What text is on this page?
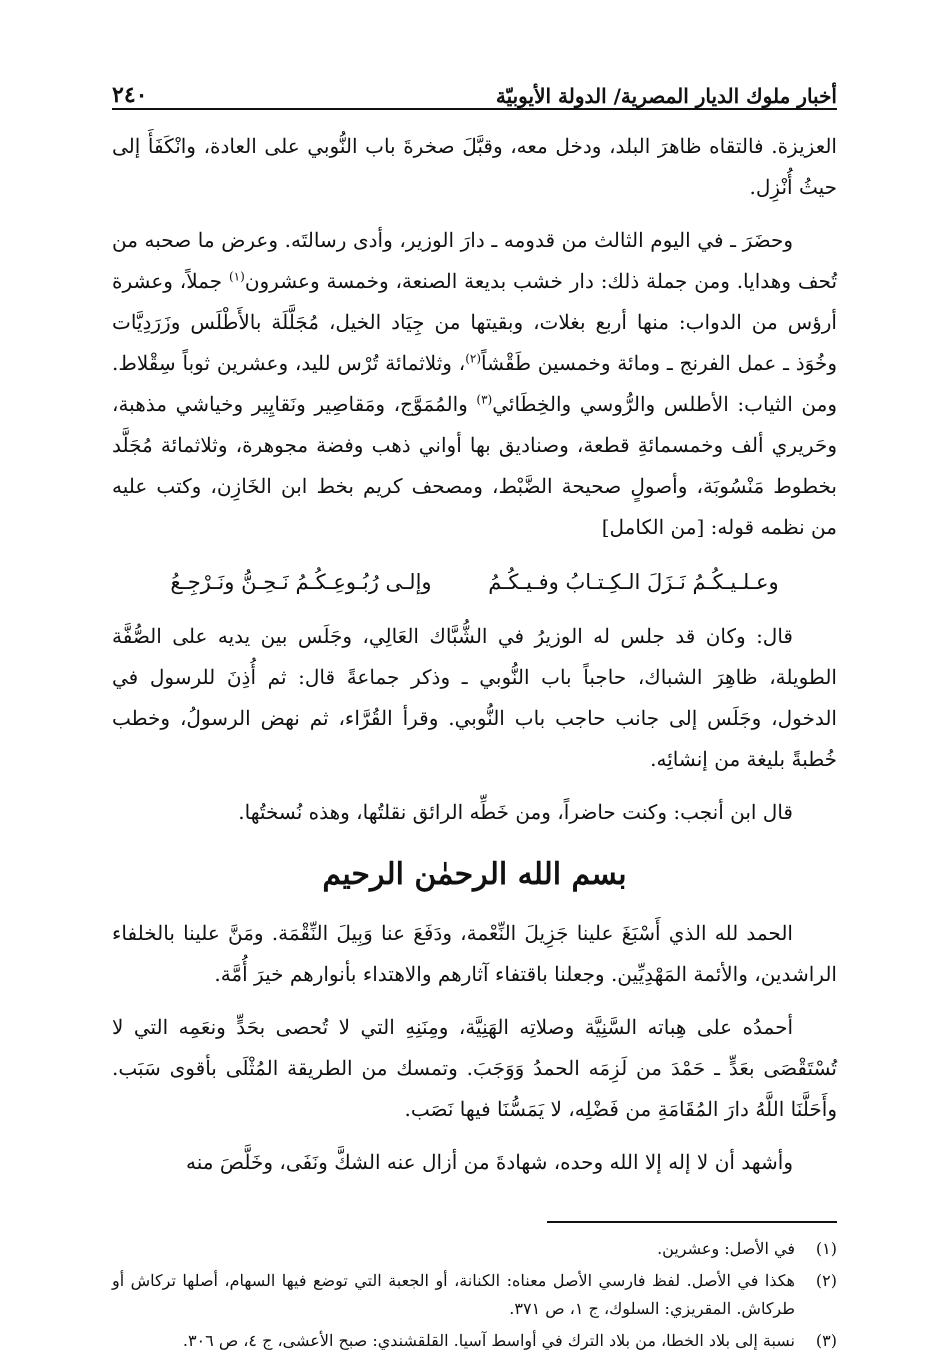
أخبار ملوك الديار المصرية/ الدولة الأيوبيّة
٢٤٠

العزيزة. فالتقاه ظاهرَ البلد، ودخل معه، وقبَّلَ صخرةَ باب النُّوبي على العادة، وانْكَفَأَ إلى حيثُ أُنْزِل.

وحضَرَ ـ في اليوم الثالث من قدومه ـ دارَ الوزير، وأدى رسالتَه. وعرض ما صحبه من تُحف وهدايا. ومن جملة ذلك: دار خشب بديعة الصنعة، وخمسة وعشرون$^{(١)}$ جملاً، وعشرة أرؤس من الدواب: منها أربع بغلات، وبقيتها من جِيَاد الخيل، مُجَلَّلَة بالأَطْلَس وزَرَدِيَّات وخُوَذ ـ عمل الفرنج ـ ومائة وخمسين طَقْشاً$^{(٢)}$، وثلاثمائة تُرْس لليد، وعشرين ثوباً سِقْلاط. ومن الثياب: الأطلس والرُّوسي والخِطَائي$^{(٣)}$ والمُمَوَّج، ومَقاصِير ونَقايِير وخياشي مذهبة، وحَريري ألف وخمسمائةِ قطعة، وصناديق بها أواني ذهب وفضة مجوهرة، وثلاثمائة مُجَلَّد بخطوط مَنْسُوبَة، وأصولٍ صحيحة الضَّبْط، ومصحف كريم بخط ابن الخَازِن، وكتب عليه من نظمه قوله: [من الكامل]

وعـلـيـكُـمُ نَـزَلَ الـكِـتـابُ وفـيـكُـمُ
وإلـى رُبُـوعِـكُـمُ نَـحِـنُّ ونَـرْجِـعُ

قال: وكان قد جلس له الوزيرُ في الشُّبَّاك العَالِي، وجَلَس بين يديه على الصُّفَّة الطويلة، ظاهِرَ الشباك، حاجباً باب النُّوبي ـ وذكر جماعةً قال: ثم أُذِنَ للرسول في الدخول، وجَلَس إلى جانب حاجب باب النُّوبي. وقرأ القُرَّاء، ثم نهض الرسولُ، وخطب خُطبةً بليغة من إنشائِه.

قال ابن أنجب: وكنت حاضراً، ومن خَطِّه الرائق نقلتُها، وهذه نُسختُها.

بسم الله الرحمٰن الرحيم

الحمد لله الذي أَسْبَغَ علينا جَزِيلَ النِّعْمة، ودَفَعَ عنا وَبِيلَ النِّقْمَة. ومَنَّ علينا بالخلفاء الراشدين، والأئمة المَهْدِيِّين. وجعلنا باقتفاء آثارهم والاهتداء بأنوارهم خيرَ أُمَّة.

أحمدُه على هِباته السَّنِيَّة وصلاتِه الهَنِيَّة، ومِنَنِهِ التي لا تُحصى بحَدٍّ ونعَمِه التي لا تُسْتَقْصَى بعَدٍّ ـ حَمْدَ من لَزِمَه الحمدُ وَوَجَبَ. وتمسك من الطريقة المُثْلَى بأقوى سَبَب. وأَحَلَّنَا اللَّهُ دارَ المُقَامَةِ من فَضْلِه، لا يَمَسُّنَا فيها نَصَب.

وأشهد أن لا إله إلا الله وحده، شهادةَ من أزال عنه الشكَّ ونَفَى، وخَلَّصَ منه

(١)
في الأصل: وعشرين.
(٢)
هكذا في الأصل. لفظ فارسي الأصل معناه: الكنانة، أو الجعبة التي توضع فيها السهام، أصلها تركاش أو طركاش. المقريزي: السلوك، ج ١، ص ٣٧١.
(٣)
نسبة إلى بلاد الخطا، من بلاد الترك في أواسط آسيا. القلقشندي: صبح الأعشى، ج ٤، ص ٣٠٦.
